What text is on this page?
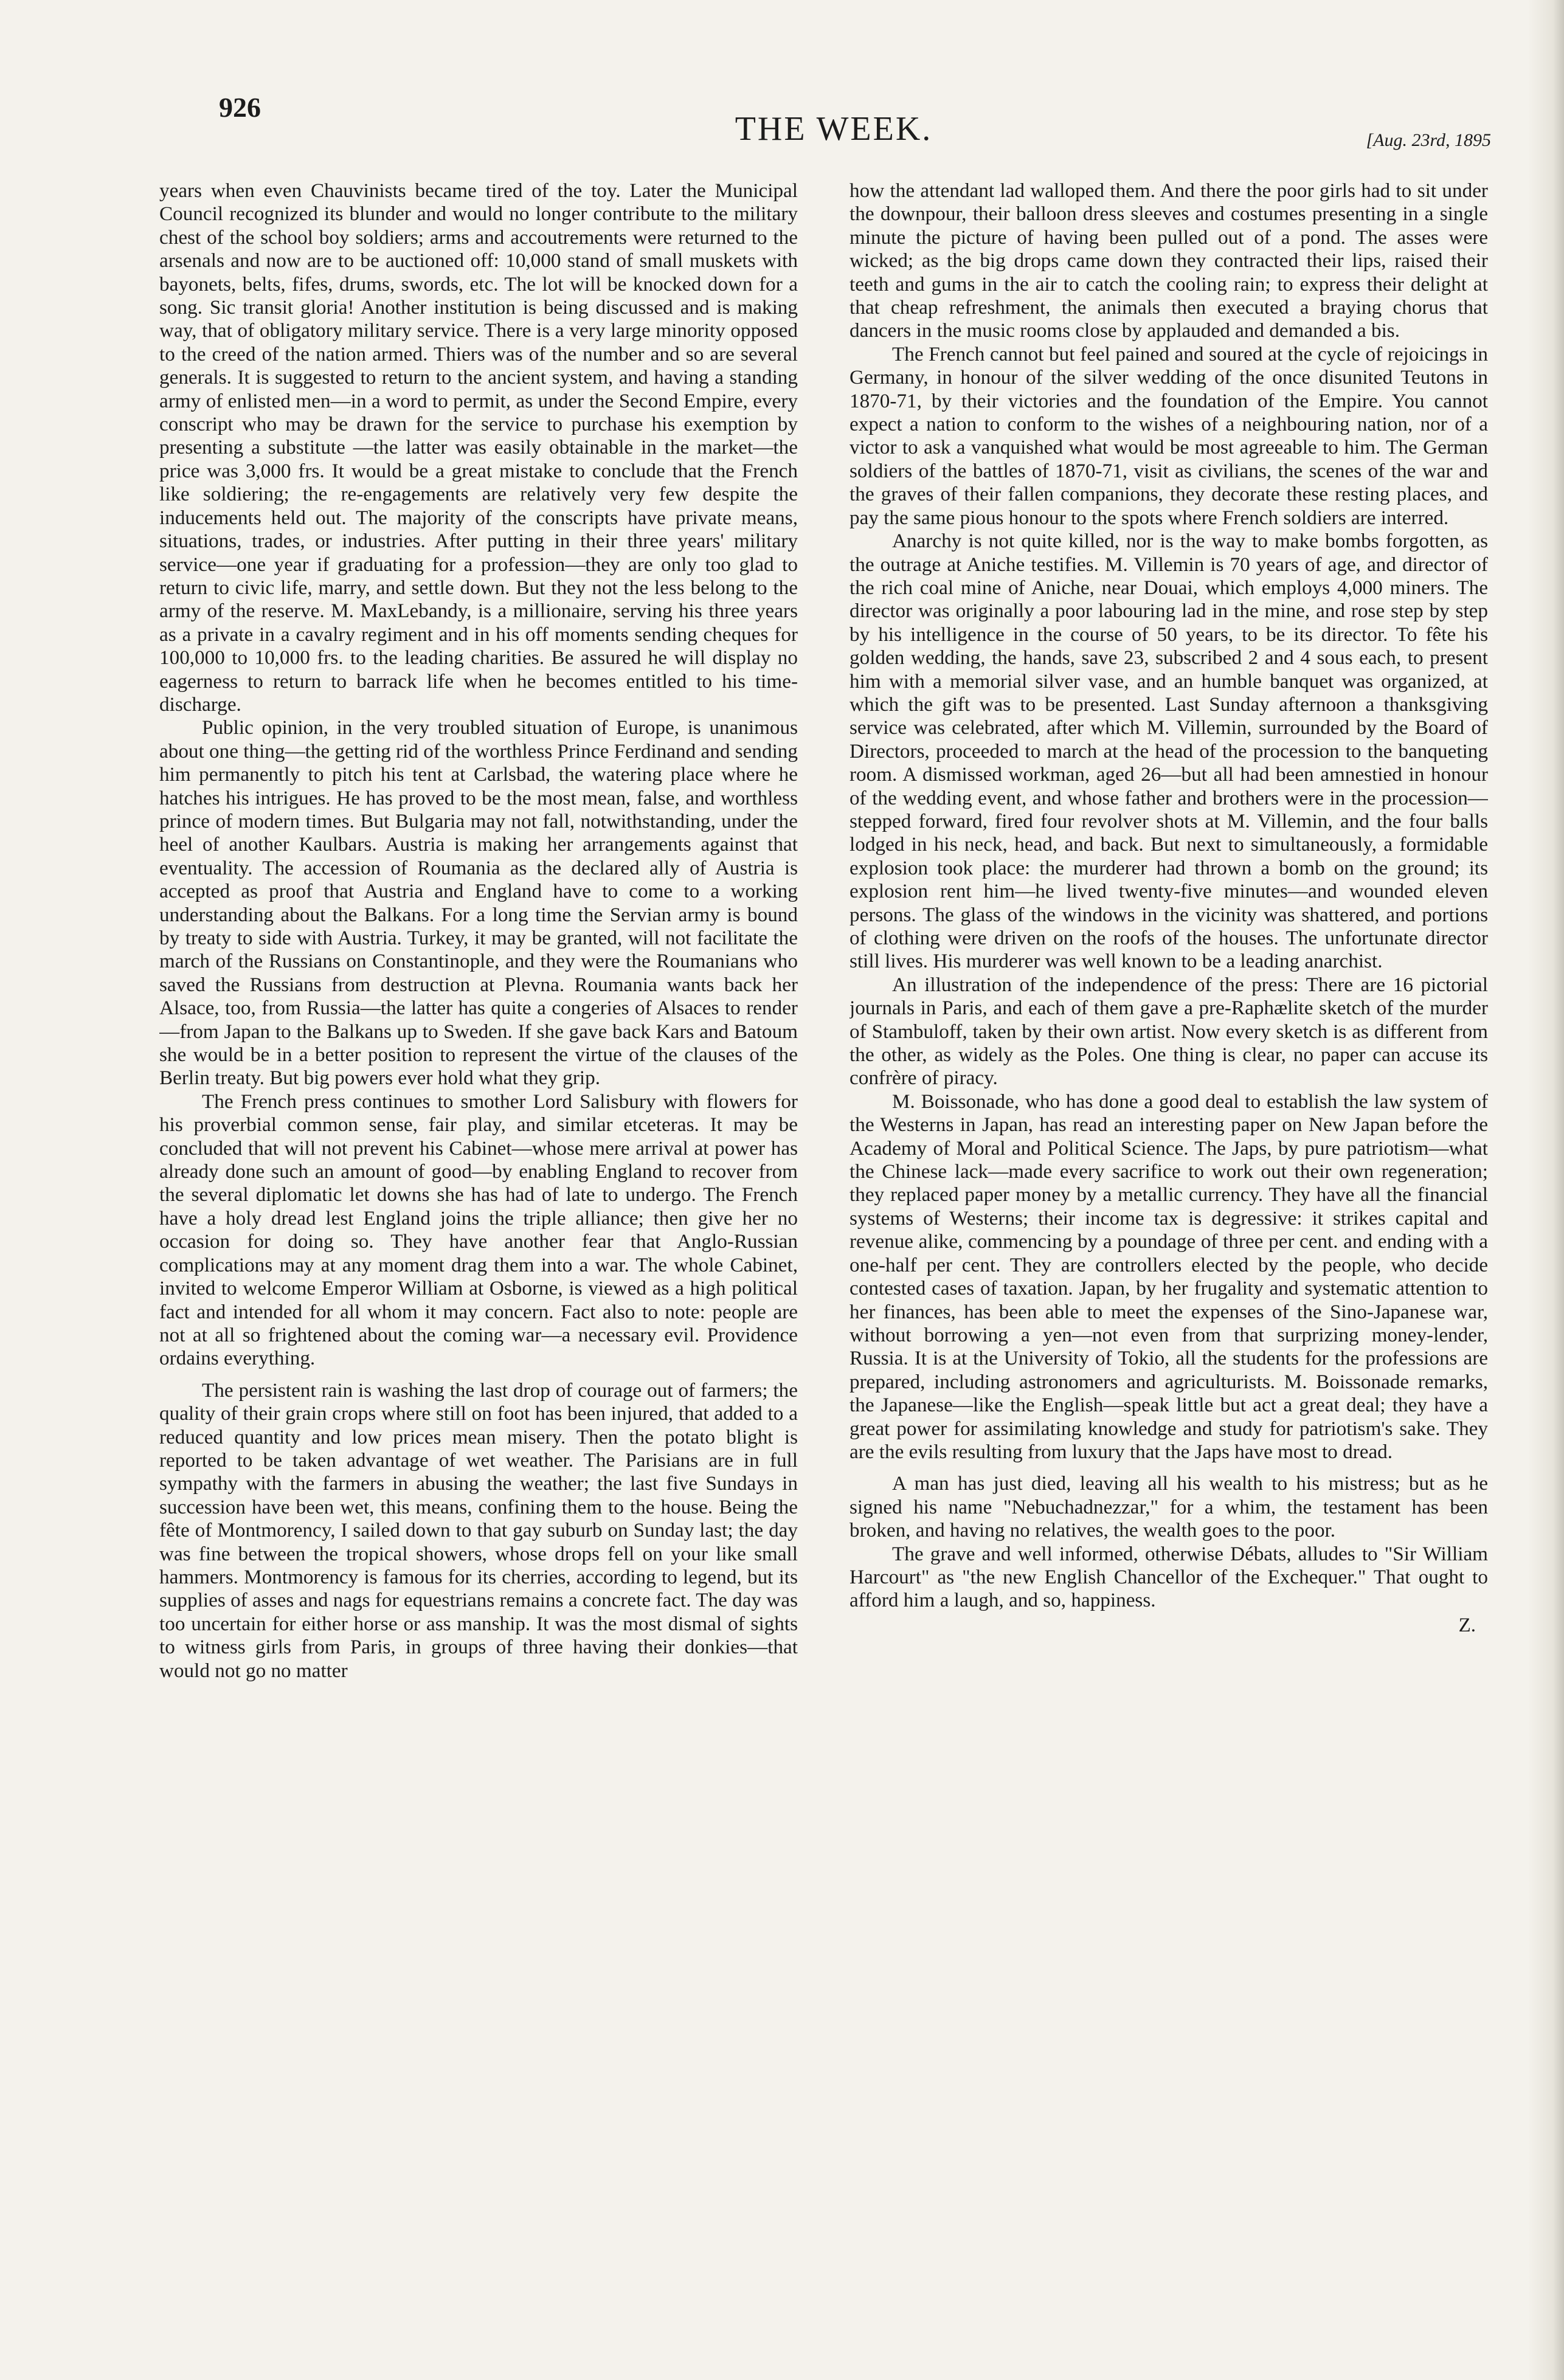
926
THE WEEK.	[Aug. 23rd, 1895

years when even Chauvinists became tired of the toy. Later the Municipal Council recognized its blunder and would no longer contribute to the military chest of the school boy soldiers; arms and accoutrements were returned to the arsenals and now are to be auctioned off: 10,000 stand of small muskets with bayonets, belts, fifes, drums, swords, etc. The lot will be knocked down for a song. Sic transit gloria! Another institution is being discussed and is making way, that of obligatory military service. There is a very large minority opposed to the creed of the nation armed. Thiers was of the number and so are several generals. It is suggested to return to the ancient system, and having a standing army of enlisted men—in a word to permit, as under the Second Empire, every conscript who may be drawn for the service to purchase his exemption by presenting a substitute —the latter was easily obtainable in the market—the price was 3,000 frs. It would be a great mistake to conclude that the French like soldiering; the re-engagements are relatively very few despite the inducements held out. The majority of the conscripts have private means, situations, trades, or industries. After putting in their three years' military service—one year if graduating for a profession—they are only too glad to return to civic life, marry, and settle down. But they not the less belong to the army of the reserve. M. MaxLebandy, is a millionaire, serving his three years as a private in a cavalry regiment and in his off moments sending cheques for 100,000 to 10,000 frs. to the leading charities. Be assured he will display no eagerness to return to barrack life when he becomes entitled to his time-discharge.

Public opinion, in the very troubled situation of Europe, is unanimous about one thing—the getting rid of the worthless Prince Ferdinand and sending him permanently to pitch his tent at Carlsbad, the watering place where he hatches his intrigues. He has proved to be the most mean, false, and worthless prince of modern times. But Bulgaria may not fall, notwithstanding, under the heel of another Kaulbars. Austria is making her arrangements against that eventuality. The accession of Roumania as the declared ally of Austria is accepted as proof that Austria and England have to come to a working understanding about the Balkans. For a long time the Servian army is bound by treaty to side with Austria. Turkey, it may be granted, will not facilitate the march of the Russians on Constantinople, and they were the Roumanians who saved the Russians from destruction at Plevna. Roumania wants back her Alsace, too, from Russia—the latter has quite a congeries of Alsaces to render—from Japan to the Balkans up to Sweden. If she gave back Kars and Batoum she would be in a better position to represent the virtue of the clauses of the Berlin treaty. But big powers ever hold what they grip.

The French press continues to smother Lord Salisbury with flowers for his proverbial common sense, fair play, and similar etceteras. It may be concluded that will not prevent his Cabinet—whose mere arrival at power has already done such an amount of good—by enabling England to recover from the several diplomatic let downs she has had of late to undergo. The French have a holy dread lest England joins the triple alliance; then give her no occasion for doing so. They have another fear that Anglo-Russian complications may at any moment drag them into a war. The whole Cabinet, invited to welcome Emperor William at Osborne, is viewed as a high political fact and intended for all whom it may concern. Fact also to note: people are not at all so frightened about the coming war—a necessary evil. Providence ordains everything.

The persistent rain is washing the last drop of courage out of farmers; the quality of their grain crops where still on foot has been injured, that added to a reduced quantity and low prices mean misery. Then the potato blight is reported to be taken advantage of wet weather. The Parisians are in full sympathy with the farmers in abusing the weather; the last five Sundays in succession have been wet, this means, confining them to the house. Being the fête of Montmorency, I sailed down to that gay suburb on Sunday last; the day was fine between the tropical showers, whose drops fell on your like small hammers. Montmorency is famous for its cherries, according to legend, but its supplies of asses and nags for equestrians remains a concrete fact. The day was too uncertain for either horse or ass manship. It was the most dismal of sights to witness girls from Paris, in groups of three having their donkies—that would not go no matter

how the attendant lad walloped them. And there the poor girls had to sit under the downpour, their balloon dress sleeves and costumes presenting in a single minute the picture of having been pulled out of a pond. The asses were wicked; as the big drops came down they contracted their lips, raised their teeth and gums in the air to catch the cooling rain; to express their delight at that cheap refreshment, the animals then executed a braying chorus that dancers in the music rooms close by applauded and demanded a bis.

The French cannot but feel pained and soured at the cycle of rejoicings in Germany, in honour of the silver wedding of the once disunited Teutons in 1870-71, by their victories and the foundation of the Empire. You cannot expect a nation to conform to the wishes of a neighbouring nation, nor of a victor to ask a vanquished what would be most agreeable to him. The German soldiers of the battles of 1870-71, visit as civilians, the scenes of the war and the graves of their fallen companions, they decorate these resting places, and pay the same pious honour to the spots where French soldiers are interred.

Anarchy is not quite killed, nor is the way to make bombs forgotten, as the outrage at Aniche testifies. M. Villemin is 70 years of age, and director of the rich coal mine of Aniche, near Douai, which employs 4,000 miners. The director was originally a poor labouring lad in the mine, and rose step by step by his intelligence in the course of 50 years, to be its director. To fête his golden wedding, the hands, save 23, subscribed 2 and 4 sous each, to present him with a memorial silver vase, and an humble banquet was organized, at which the gift was to be presented. Last Sunday afternoon a thanksgiving service was celebrated, after which M. Villemin, surrounded by the Board of Directors, proceeded to march at the head of the procession to the banqueting room. A dismissed workman, aged 26—but all had been amnestied in honour of the wedding event, and whose father and brothers were in the procession—stepped forward, fired four revolver shots at M. Villemin, and the four balls lodged in his neck, head, and back. But next to simultaneously, a formidable explosion took place: the murderer had thrown a bomb on the ground; its explosion rent him—he lived twenty-five minutes—and wounded eleven persons. The glass of the windows in the vicinity was shattered, and portions of clothing were driven on the roofs of the houses. The unfortunate director still lives. His murderer was well known to be a leading anarchist.

An illustration of the independence of the press: There are 16 pictorial journals in Paris, and each of them gave a pre-Raphælite sketch of the murder of Stambuloff, taken by their own artist. Now every sketch is as different from the other, as widely as the Poles. One thing is clear, no paper can accuse its confrère of piracy.

M. Boissonade, who has done a good deal to establish the law system of the Westerns in Japan, has read an interesting paper on New Japan before the Academy of Moral and Political Science. The Japs, by pure patriotism—what the Chinese lack—made every sacrifice to work out their own regeneration; they replaced paper money by a metallic currency. They have all the financial systems of Westerns; their income tax is degressive: it strikes capital and revenue alike, commencing by a poundage of three per cent. and ending with a one-half per cent. They are controllers elected by the people, who decide contested cases of taxation. Japan, by her frugality and systematic attention to her finances, has been able to meet the expenses of the Sino-Japanese war, without borrowing a yen—not even from that surprizing money-lender, Russia. It is at the University of Tokio, all the students for the professions are prepared, including astronomers and agriculturists. M. Boissonade remarks, the Japanese—like the English—speak little but act a great deal; they have a great power for assimilating knowledge and study for patriotism's sake. They are the evils resulting from luxury that the Japs have most to dread.

A man has just died, leaving all his wealth to his mistress; but as he signed his name "Nebuchadnezzar," for a whim, the testament has been broken, and having no relatives, the wealth goes to the poor.

The grave and well informed, otherwise Débats, alludes to "Sir William Harcourt" as "the new English Chancellor of the Exchequer." That ought to afford him a laugh, and so, happiness.

Z.
